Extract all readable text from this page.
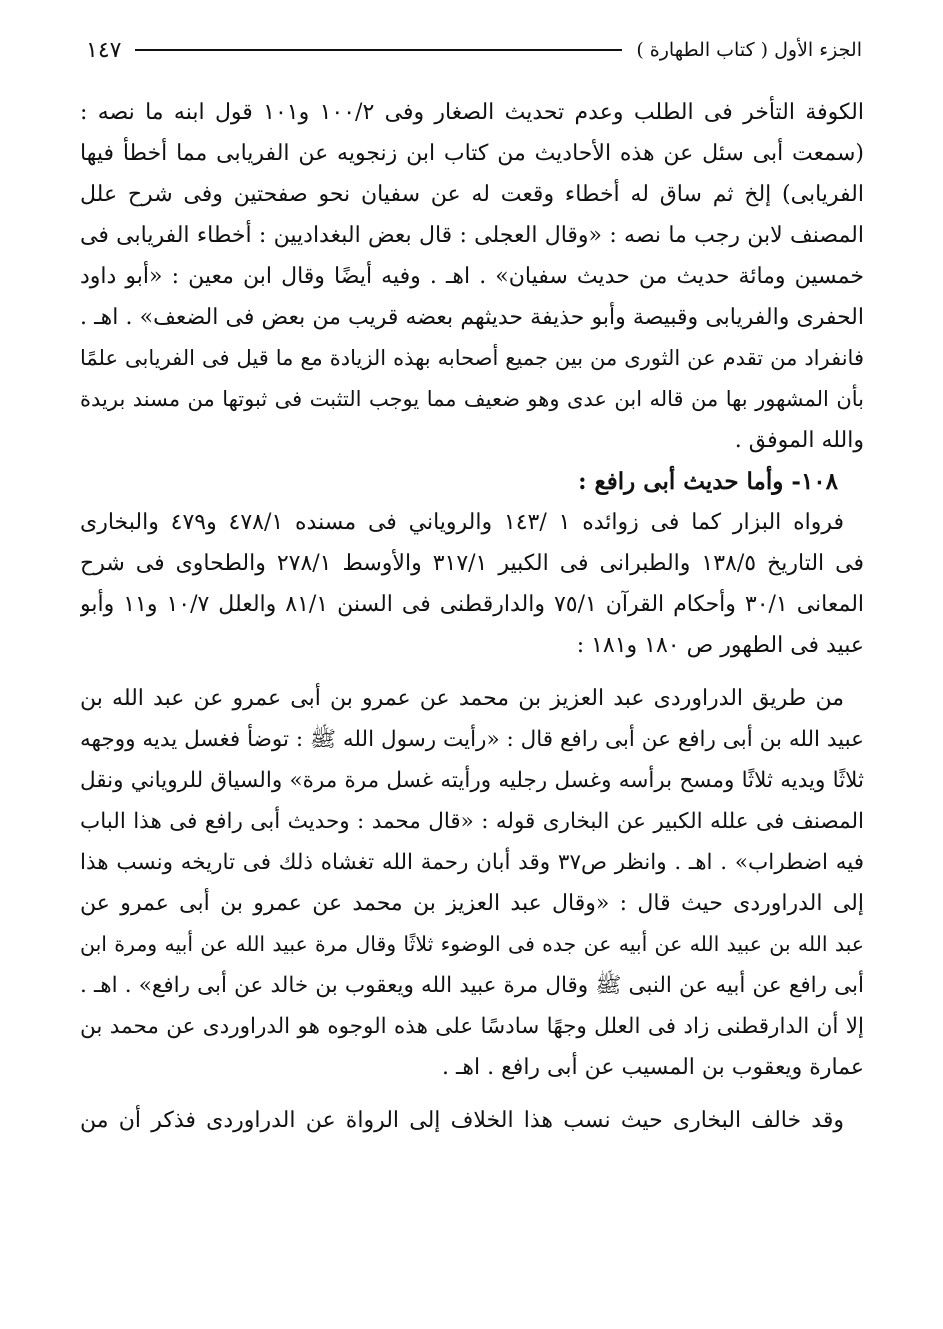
الجزء الأول ( كتاب الطهارة )
١٤٧
الكوفة التأخر فى الطلب وعدم تحديث الصغار وفى ١٠٠/٢ و١٠١ قول ابنه ما نصه :
(سمعت أبى سئل عن هذه الأحاديث من كتاب ابن زنجويه عن الفريابى مما أخطأ فيها
الفريابى) إلخ ثم ساق له أخطاء وقعت له عن سفيان نحو صفحتين وفى شرح علل
المصنف لابن رجب ما نصه : «وقال العجلى : قال بعض البغداديين : أخطاء الفريابى فى
خمسين ومائة حديث من حديث سفيان» . اهـ . وفيه أيضًا وقال ابن معين : «أبو داود
الحفرى والفريابى وقبيصة وأبو حذيفة حديثهم بعضه قريب من بعض فى الضعف» . اهـ .
فانفراد من تقدم عن الثورى من بين جميع أصحابه بهذه الزيادة مع ما قيل فى الفريابى علمًا
بأن المشهور بها من قاله ابن عدى وهو ضعيف مما يوجب التثبت فى ثبوتها من مسند بريدة
والله الموفق .
١٠٨- وأما حديث أبى رافع :
فرواه البزار كما فى زوائده ١ /١٤٣ والروياني فى مسنده ٤٧٨/١ و٤٧٩ والبخارى
فى التاريخ ١٣٨/٥ والطبرانى فى الكبير ٣١٧/١ والأوسط ٢٧٨/١ والطحاوى فى شرح
المعانى ٣٠/١ وأحكام القرآن ٧٥/١ والدارقطنى فى السنن ٨١/١ والعلل ١٠/٧ و١١ وأبو
عبيد فى الطهور ص ١٨٠ و١٨١ :
من طريق الدراوردى عبد العزيز بن محمد عن عمرو بن أبى عمرو عن عبد الله بن
عبيد الله بن أبى رافع عن أبى رافع قال : «رأيت رسول الله ﷺ : توضأ فغسل يديه ووجهه
ثلاثًا ويديه ثلاثًا ومسح برأسه وغسل رجليه ورأيته غسل مرة مرة» والسياق للروياني ونقل
المصنف فى علله الكبير عن البخارى قوله : «قال محمد : وحديث أبى رافع فى هذا الباب
فيه اضطراب» . اهـ . وانظر ص٣٧ وقد أبان رحمة الله تغشاه ذلك فى تاريخه ونسب هذا
إلى الدراوردى حيث قال : «وقال عبد العزيز بن محمد عن عمرو بن أبى عمرو عن
عبد الله بن عبيد الله عن أبيه عن جده فى الوضوء ثلاثًا وقال مرة عبيد الله عن أبيه ومرة ابن
أبى رافع عن أبيه عن النبى ﷺ وقال مرة عبيد الله ويعقوب بن خالد عن أبى رافع» . اهـ .
إلا أن الدارقطنى زاد فى العلل وجهًا سادسًا على هذه الوجوه هو الدراوردى عن محمد بن
عمارة ويعقوب بن المسيب عن أبى رافع . اهـ .
وقد خالف البخارى حيث نسب هذا الخلاف إلى الرواة عن الدراوردى فذكر أن من
